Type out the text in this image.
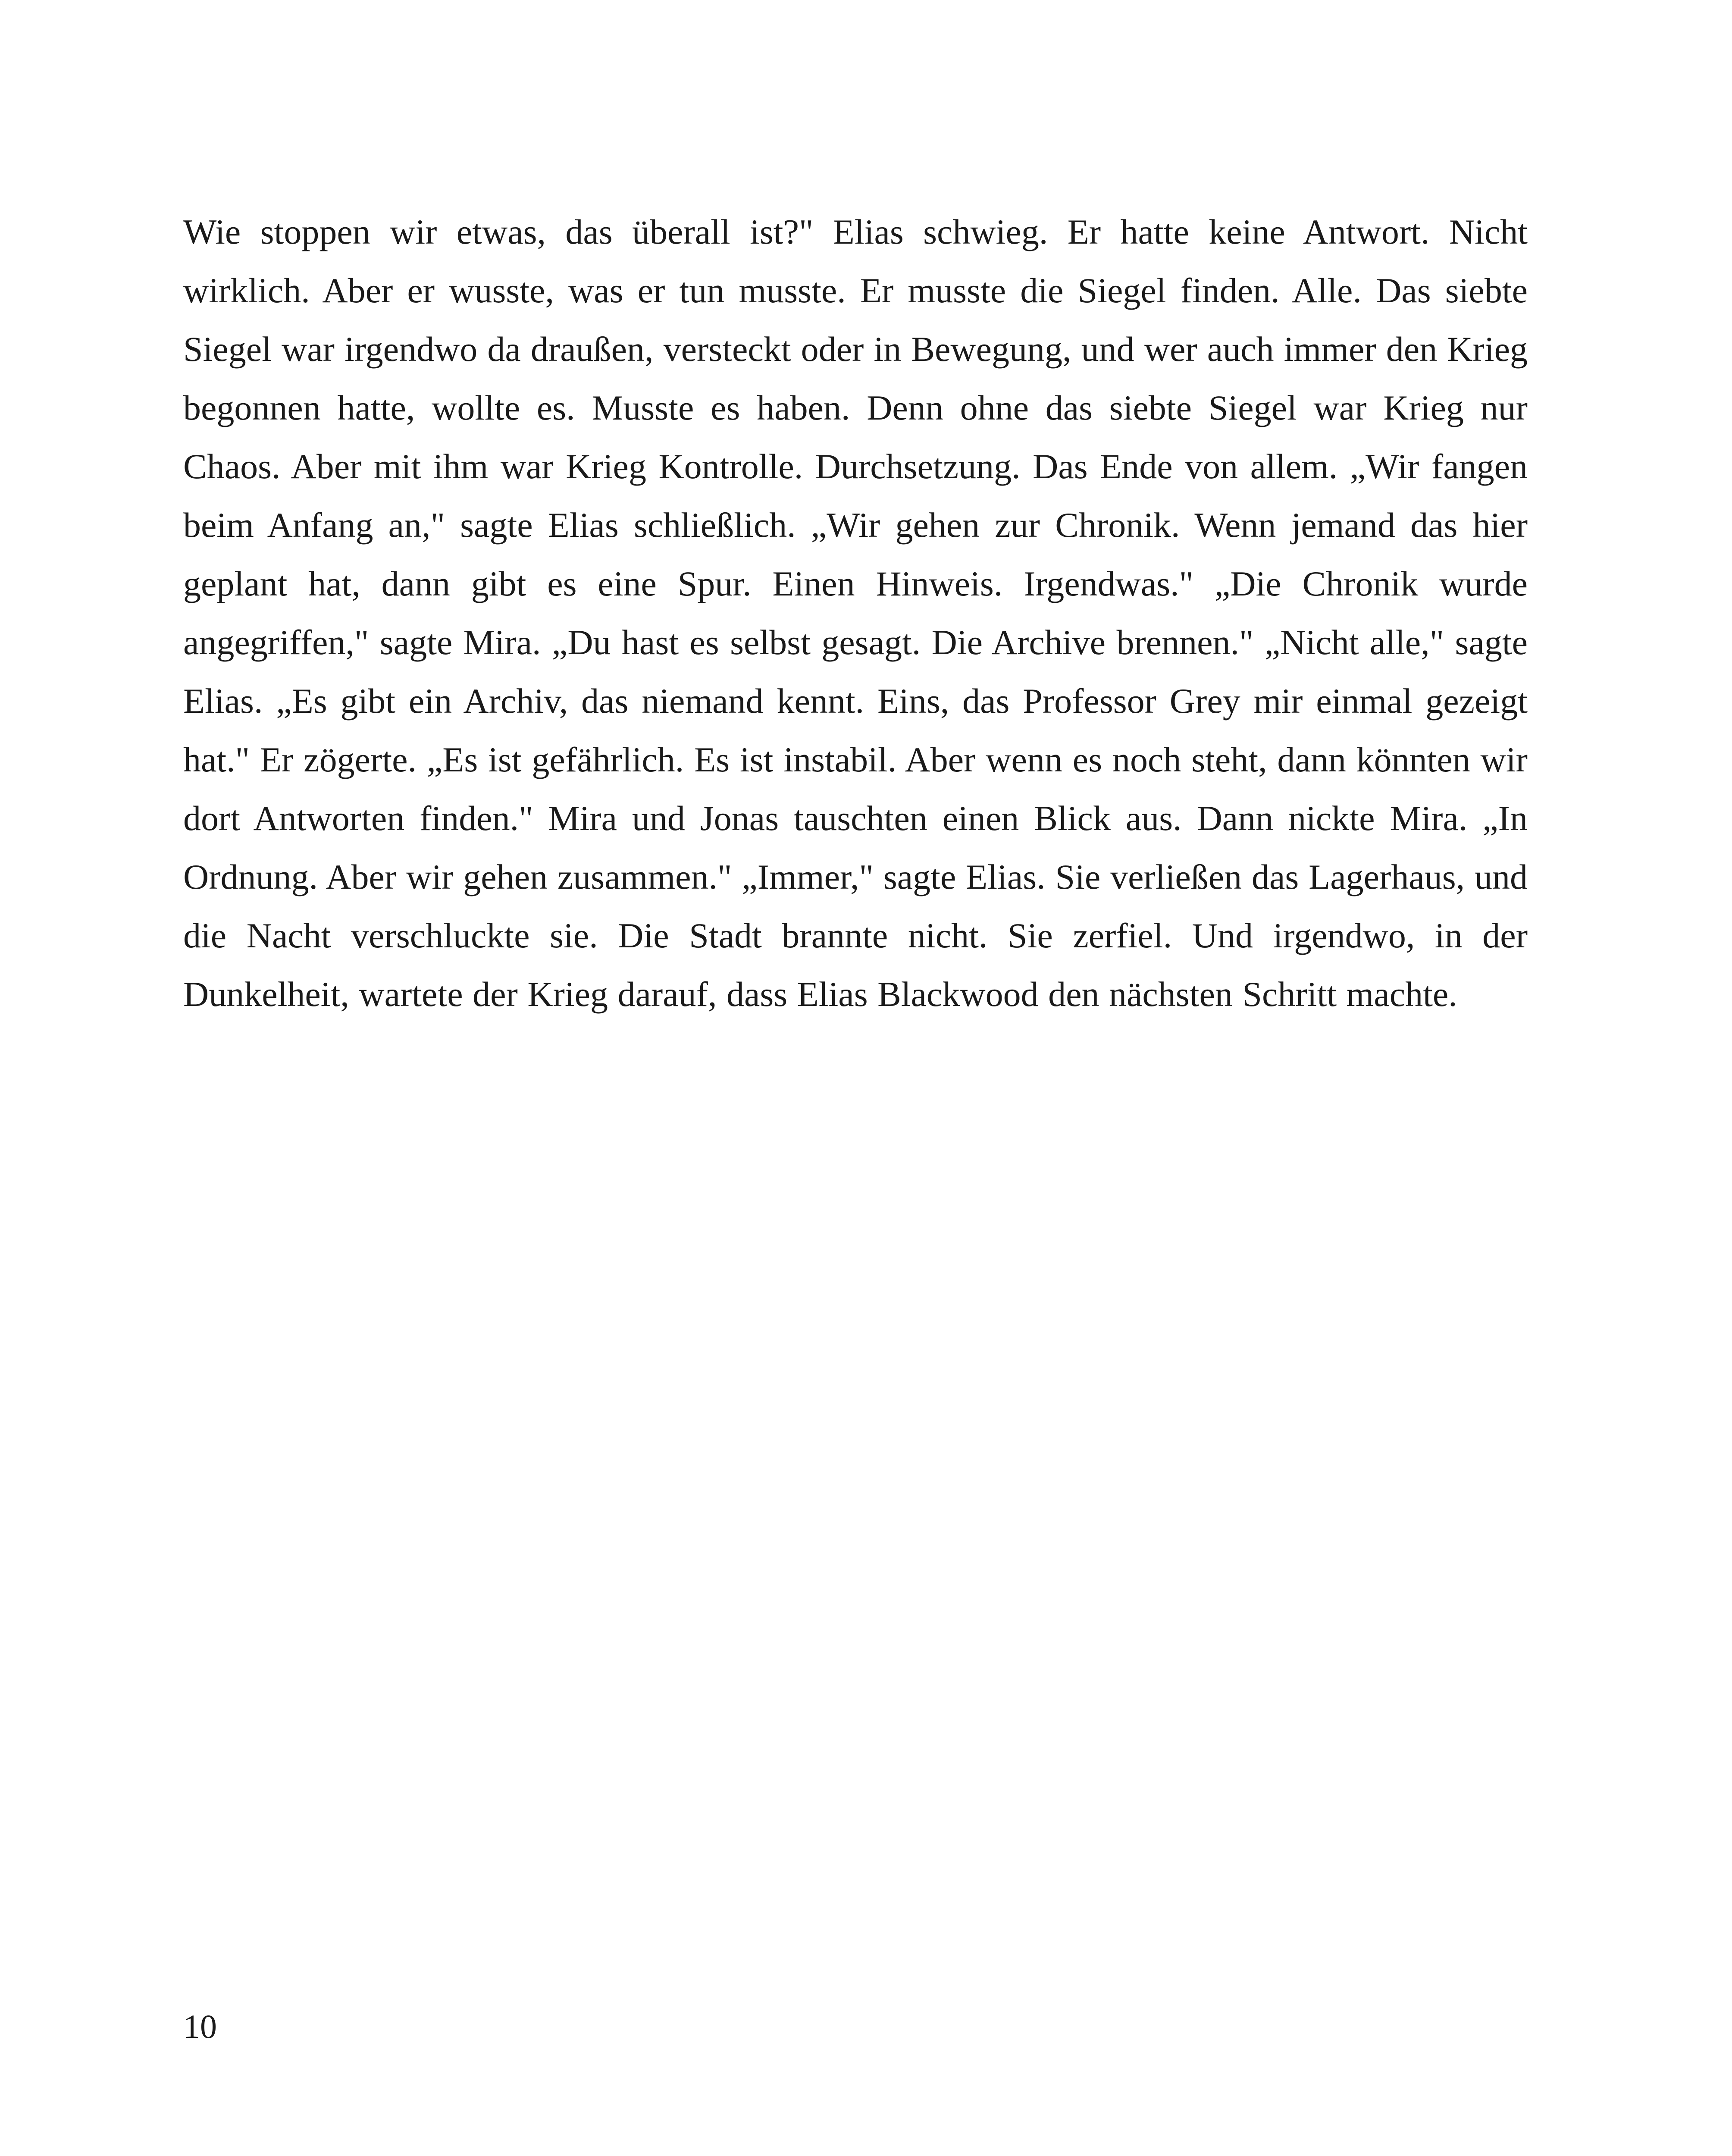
Wie stoppen wir etwas, das überall ist?" Elias schwieg. Er hatte keine Antwort. Nicht wirklich. Aber er wusste, was er tun musste. Er musste die Siegel finden. Alle. Das siebte Siegel war irgendwo da draußen, versteckt oder in Bewegung, und wer auch immer den Krieg begonnen hatte, wollte es. Musste es haben. Denn ohne das siebte Siegel war Krieg nur Chaos. Aber mit ihm war Krieg Kontrolle. Durchsetzung. Das Ende von allem. „Wir fangen beim Anfang an," sagte Elias schließlich. „Wir gehen zur Chronik. Wenn jemand das hier geplant hat, dann gibt es eine Spur. Einen Hinweis. Irgendwas." „Die Chronik wurde angegriffen," sagte Mira. „Du hast es selbst gesagt. Die Archive brennen." „Nicht alle," sagte Elias. „Es gibt ein Archiv, das niemand kennt. Eins, das Professor Grey mir einmal gezeigt hat." Er zögerte. „Es ist gefährlich. Es ist instabil. Aber wenn es noch steht, dann könnten wir dort Antworten finden." Mira und Jonas tauschten einen Blick aus. Dann nickte Mira. „In Ordnung. Aber wir gehen zusammen." „Immer," sagte Elias. Sie verließen das Lagerhaus, und die Nacht verschluckte sie. Die Stadt brannte nicht. Sie zerfiel. Und irgendwo, in der Dunkelheit, wartete der Krieg darauf, dass Elias Blackwood den nächsten Schritt machte.

10
